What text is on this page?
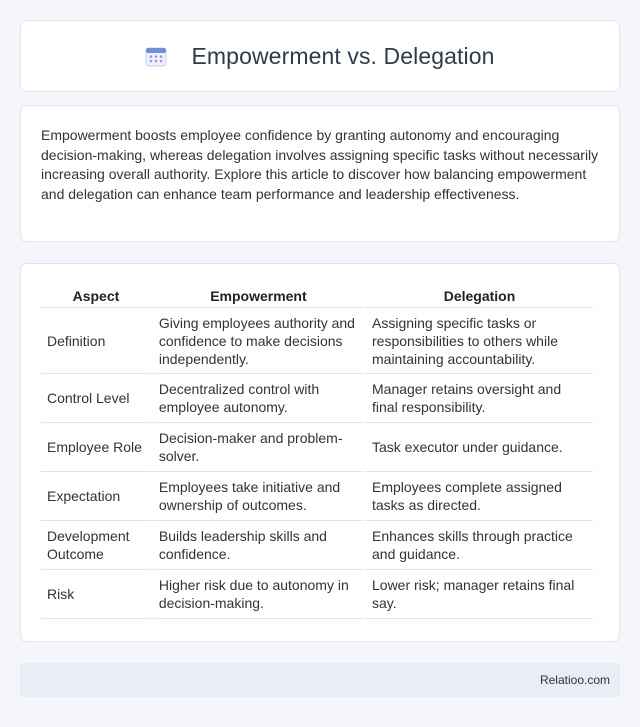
Empowerment vs. Delegation

Empowerment boosts employee confidence by granting autonomy and encouraging decision-making, whereas delegation involves assigning specific tasks without necessarily increasing overall authority. Explore this article to discover how balancing empowerment and delegation can enhance team performance and leadership effectiveness.

Aspect	Empowerment	Delegation
Definition	Giving employees authority and confidence to make decisions independently.	Assigning specific tasks or responsibilities to others while maintaining accountability.
Control Level	Decentralized control with employee autonomy.	Manager retains oversight and final responsibility.
Employee Role	Decision-maker and problem-solver.	Task executor under guidance.
Expectation	Employees take initiative and ownership of outcomes.	Employees complete assigned tasks as directed.
Development Outcome	Builds leadership skills and confidence.	Enhances skills through practice and guidance.
Risk	Higher risk due to autonomy in decision-making.	Lower risk; manager retains final say.
Relatioo.com
